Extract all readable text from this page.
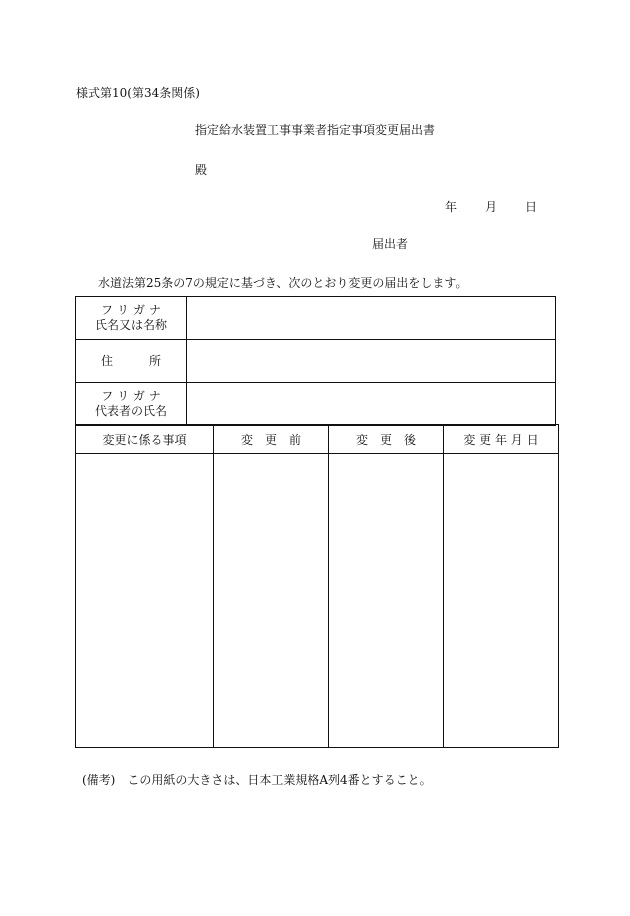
様式第10(第34条関係)
指定給水装置工事事業者指定事項変更届出書
殿
年 月 日
届出者
水道法第25条の7の規定に基づき、次のとおり変更の届出をします。
フ リ ガ ナ
氏名又は名称	
住　　　所	
フ リ ガ ナ
代表者の氏名	
変更に係る事項	変　更　前	変　更　後	変 更 年 月 日

(備考)　この用紙の大きさは、日本工業規格A列4番とすること。
